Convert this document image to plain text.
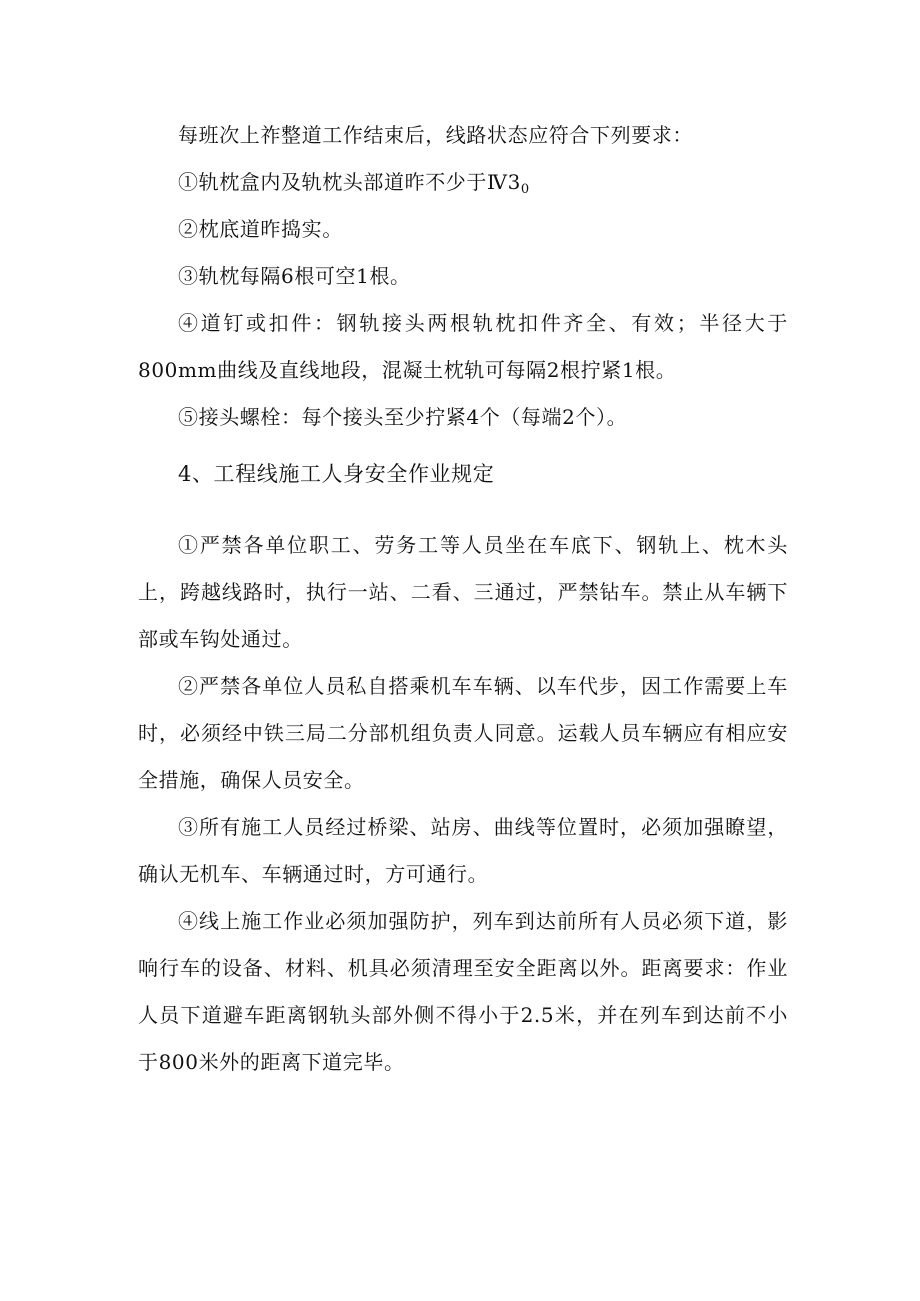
每班次上祚整道工作结束后，线路状态应符合下列要求：
①轨枕盒内及轨枕头部道昨不少于$Ⅳ3_0$
②枕底道昨捣实。
③轨枕每隔6根可空1根。
④道钉或扣件：钢轨接头两根轨枕扣件齐全、有效；半径大于800mm曲线及直线地段，混凝土枕轨可每隔2根拧紧1根。
⑤接头螺栓：每个接头至少拧紧4个（每端2个）。
4、工程线施工人身安全作业规定
①严禁各单位职工、劳务工等人员坐在车底下、钢轨上、枕木头上，跨越线路时，执行一站、二看、三通过，严禁钻车。禁止从车辆下部或车钩处通过。
②严禁各单位人员私自搭乘机车车辆、以车代步，因工作需要上车时，必须经中铁三局二分部机组负责人同意。运载人员车辆应有相应安全措施，确保人员安全。
③所有施工人员经过桥梁、站房、曲线等位置时，必须加强瞭望，确认无机车、车辆通过时，方可通行。
④线上施工作业必须加强防护，列车到达前所有人员必须下道，影响行车的设备、材料、机具必须清理至安全距离以外。距离要求：作业人员下道避车距离钢轨头部外侧不得小于2.5米，并在列车到达前不小于800米外的距离下道完毕。
